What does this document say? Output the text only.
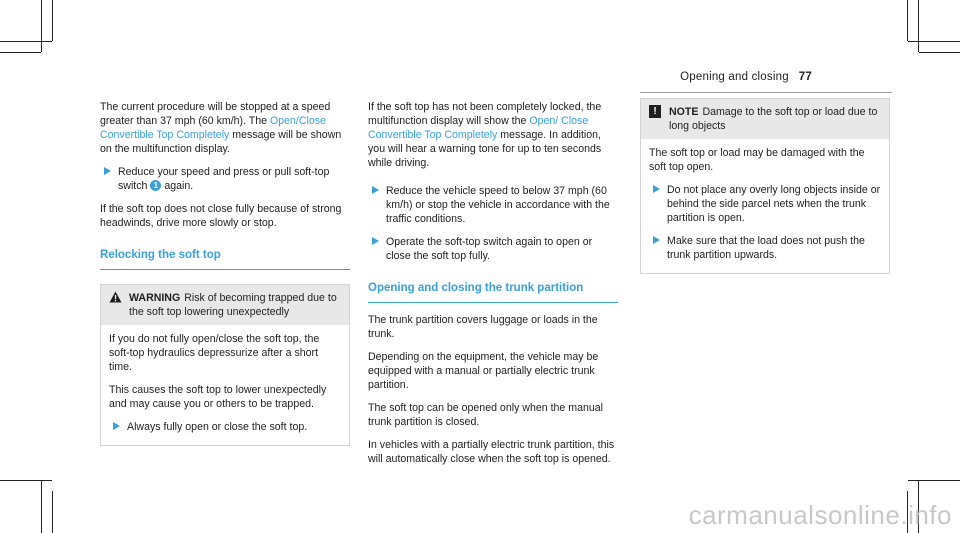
Opening and closing 77

The current procedure will be stopped at a speed greater than 37 mph (60 km/h). The Open/Close Convertible Top Completely message will be shown on the multifunction display.

Reduce your speed and press or pull soft-top switch 1 again.

If the soft top does not close fully because of strong headwinds, drive more slowly or stop.

Relocking the soft top
WARNING Risk of becoming trapped due to the soft top lowering unexpectedly

If you do not fully open/close the soft top, the soft-top hydraulics depressurize after a short time.

This causes the soft top to lower unexpectedly and may cause you or others to be trapped.

Always fully open or close the soft top.

If the soft top has not been completely locked, the multifunction display will show the Open/ Close Convertible Top Completely message. In addition, you will hear a warning tone for up to ten seconds while driving.

Reduce the vehicle speed to below 37 mph (60 km/h) or stop the vehicle in accordance with the traffic conditions.
Operate the soft-top switch again to open or close the soft top fully.
Opening and closing the trunk partition

The trunk partition covers luggage or loads in the trunk.

Depending on the equipment, the vehicle may be equipped with a manual or partially electric trunk partition.

The soft top can be opened only when the manual trunk partition is closed.

In vehicles with a partially electric trunk partition, this will automatically close when the soft top is opened.

!	NOTE Damage to the soft top or load due to long objects

The soft top or load may be damaged with the soft top open.

Do not place any overly long objects inside or behind the side parcel nets when the trunk partition is open.
Make sure that the load does not push the trunk partition upwards.
carmanualsonline.info
